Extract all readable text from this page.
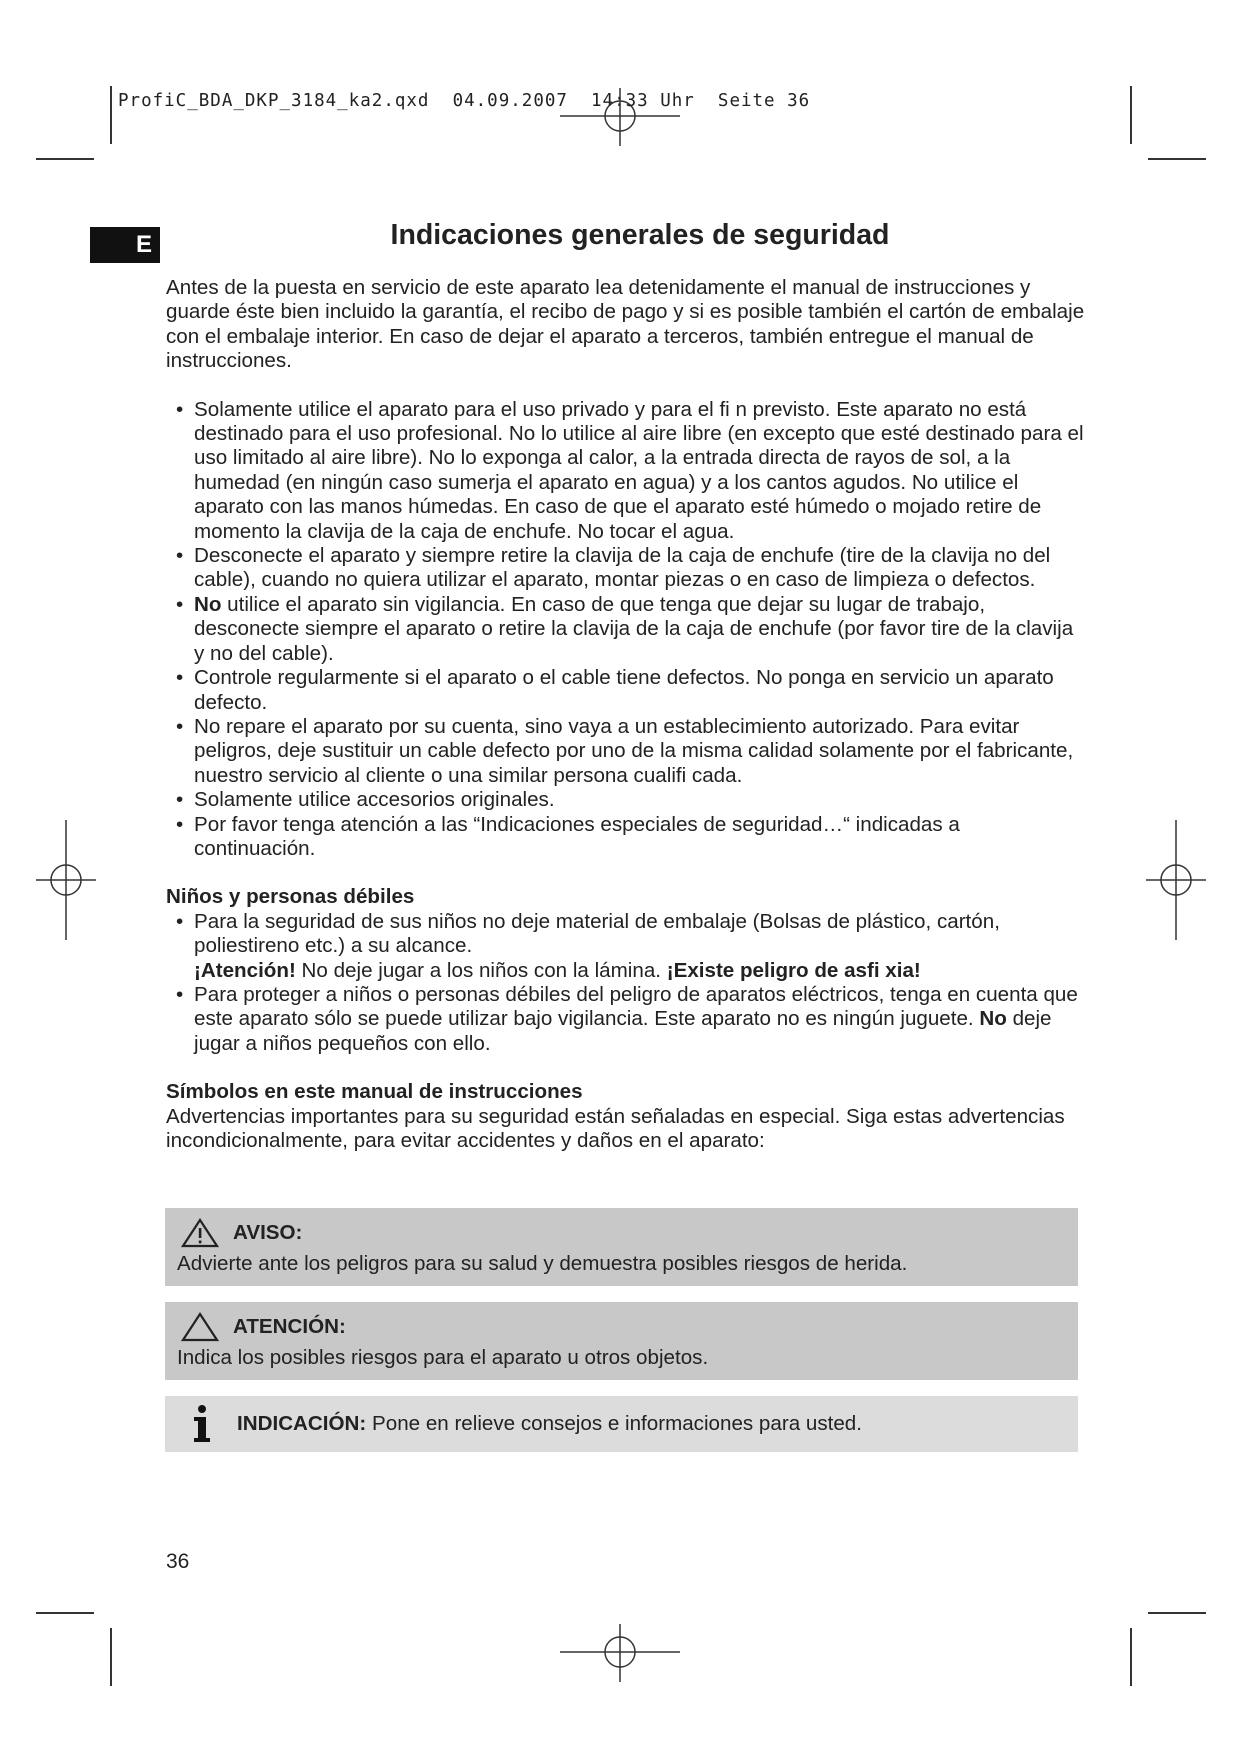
ProfiC_BDA_DKP_3184_ka2.qxd 04.09.2007 14:33 Uhr Seite 36
E	Indicaciones generales de seguridad

Antes de la puesta en servicio de este aparato lea detenidamente el manual de instrucciones y guarde éste bien incluido la garantía, el recibo de pago y si es posible también el cartón de embalaje con el embalaje interior. En caso de dejar el aparato a terceros, también entregue el manual de instrucciones.

• Solamente utilice el aparato para el uso privado y para el fi n previsto. Este aparato no está destinado para el uso profesional. No lo utilice al aire libre (en excepto que esté destinado para el uso limitado al aire libre). No lo exponga al calor, a la entrada directa de rayos de sol, a la humedad (en ningún caso sumerja el aparato en agua) y a los cantos agudos. No utilice el aparato con las manos húmedas. En caso de que el aparato esté húmedo o mojado retire de momento la clavija de la caja de enchufe. No tocar el agua.
• Desconecte el aparato y siempre retire la clavija de la caja de enchufe (tire de la clavija no del cable), cuando no quiera utilizar el aparato, montar piezas o en caso de limpieza o defectos.
• No utilice el aparato sin vigilancia. En caso de que tenga que dejar su lugar de trabajo, desconecte siempre el aparato o retire la clavija de la caja de enchufe (por favor tire de la clavija y no del cable).
• Controle regularmente si el aparato o el cable tiene defectos. No ponga en servicio un aparato defecto.
• No repare el aparato por su cuenta, sino vaya a un establecimiento autorizado. Para evitar peligros, deje sustituir un cable defecto por uno de la misma calidad solamente por el fabricante, nuestro servicio al cliente o una similar persona cualifi cada.
• Solamente utilice accesorios originales.
• Por favor tenga atención a las “Indicaciones especiales de seguridad…“ indicadas a continuación.

Niños y personas débiles

• Para la seguridad de sus niños no deje material de embalaje (Bolsas de plástico, cartón, poliestireno etc.) a su alcance.
¡Atención! No deje jugar a los niños con la lámina. ¡Existe peligro de asfi xia!
• Para proteger a niños o personas débiles del peligro de aparatos eléctricos, tenga en cuenta que este aparato sólo se puede utilizar bajo vigilancia. Este aparato no es ningún juguete. No deje jugar a niños pequeños con ello.

Símbolos en este manual de instrucciones

Advertencias importantes para su seguridad están señaladas en especial. Siga estas advertencias incondicionalmente, para evitar accidentes y daños en el aparato:

AVISO:
Advierte ante los peligros para su salud y demuestra posibles riesgos de herida.
ATENCIÓN:
Indica los posibles riesgos para el aparato u otros objetos.
INDICACIÓN: Pone en relieve consejos e informaciones para usted.
36
